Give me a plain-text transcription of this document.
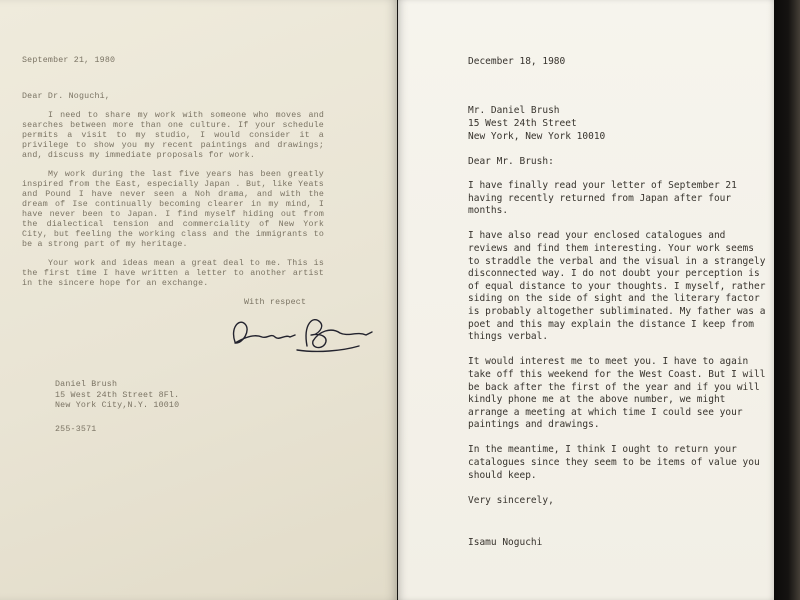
September 21, 1980
Dear Dr. Noguchi,

I need to share my work with someone who moves and searches between more than one culture. If your schedule permits a visit to my studio, I would consider it a privilege to show you my recent paintings and drawings; and, discuss my immediate proposals for work.

My work during the last five years has been greatly inspired from the East, especially Japan . But, like Yeats and Pound I have never seen a Noh drama, and with the dream of Ise continually becoming clearer in my mind, I have never been to Japan. I find myself hiding out from the dialectical tension and commerciality of New York City, but feeling the working class and the immigrants to be a strong part of my heritage.

Your work and ideas mean a great deal to me. This is the first time I have written a letter to another artist in the sincere hope for an exchange.

With respect
Daniel Brush
15 West 24th Street 8Fl.
New York City,N.Y. 10010
255-3571
December 18, 1980
Mr. Daniel Brush
15 West 24th Street
New York, New York 10010
Dear Mr. Brush:

I have finally read your letter of September 21 having recently returned from Japan after four months.

I have also read your enclosed catalogues and reviews and find them interesting. Your work seems to straddle the verbal and the visual in a strangely disconnected way. I do not doubt your perception is of equal distance to your thoughts. I myself, rather siding on the side of sight and the literary factor is probably altogether subliminated. My father was a poet and this may explain the distance I keep from things verbal.

It would interest me to meet you. I have to again take off this weekend for the West Coast. But I will be back after the first of the year and if you will kindly phone me at the above number, we might arrange a meeting at which time I could see your paintings and drawings.

In the meantime, I think I ought to return your catalogues since they seem to be items of value you should keep.

Very sincerely,
Isamu Noguchi
